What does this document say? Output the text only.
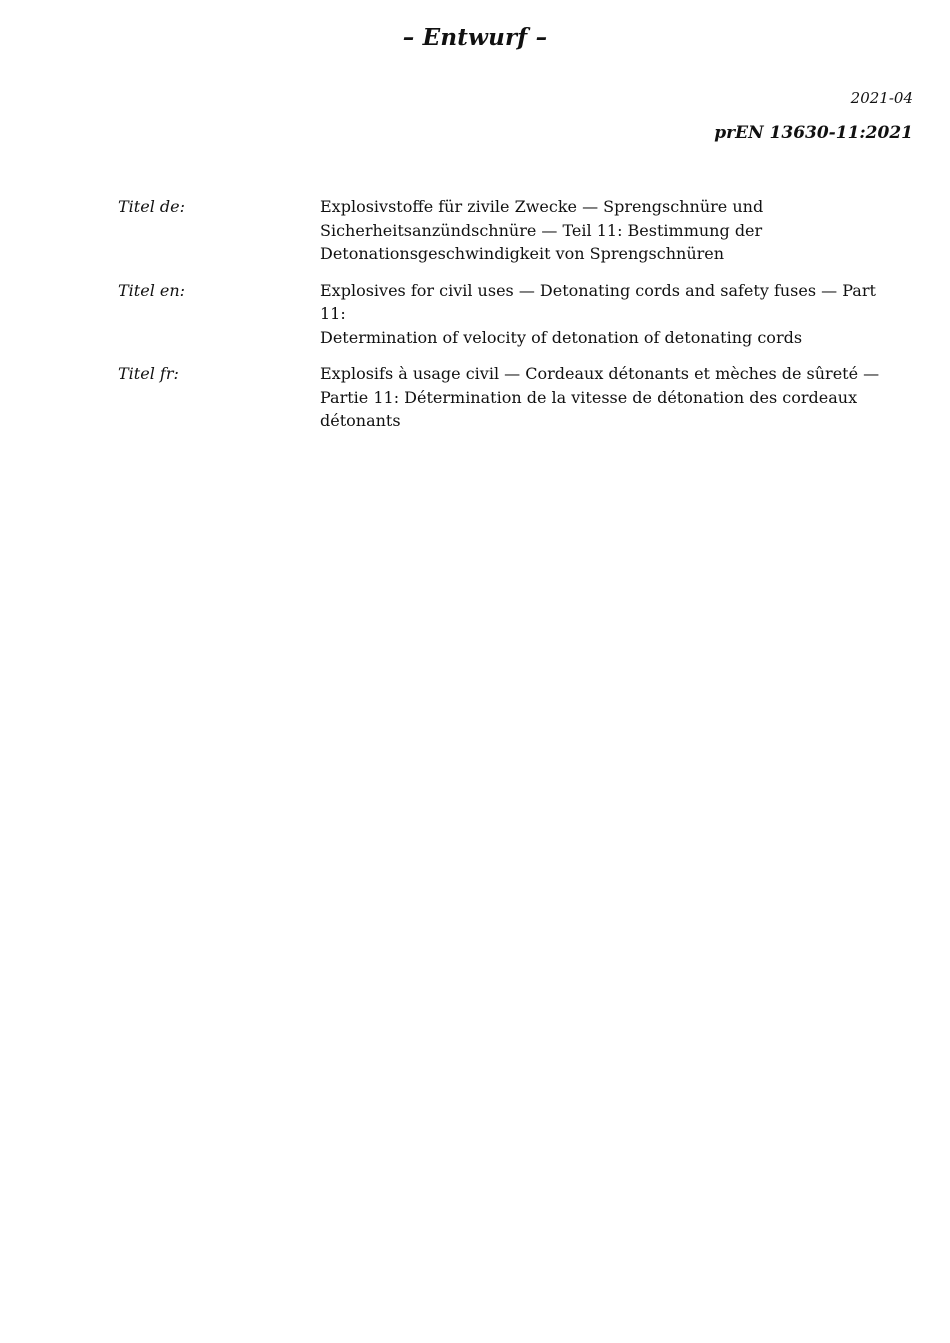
– Entwurf –
2021-04
prEN 13630-11:2021
Titel de:	Explosivstoffe für zivile Zwecke — Sprengschnüre und
Sicherheitsanzündschnüre — Teil 11: Bestimmung der
Detonationsgeschwindigkeit von Sprengschnüren
Titel en:	Explosives for civil uses — Detonating cords and safety fuses — Part 11:
Determination of velocity of detonation of detonating cords
Titel fr:	Explosifs à usage civil — Cordeaux détonants et mèches de sûreté —
Partie 11: Détermination de la vitesse de détonation des cordeaux
détonants
